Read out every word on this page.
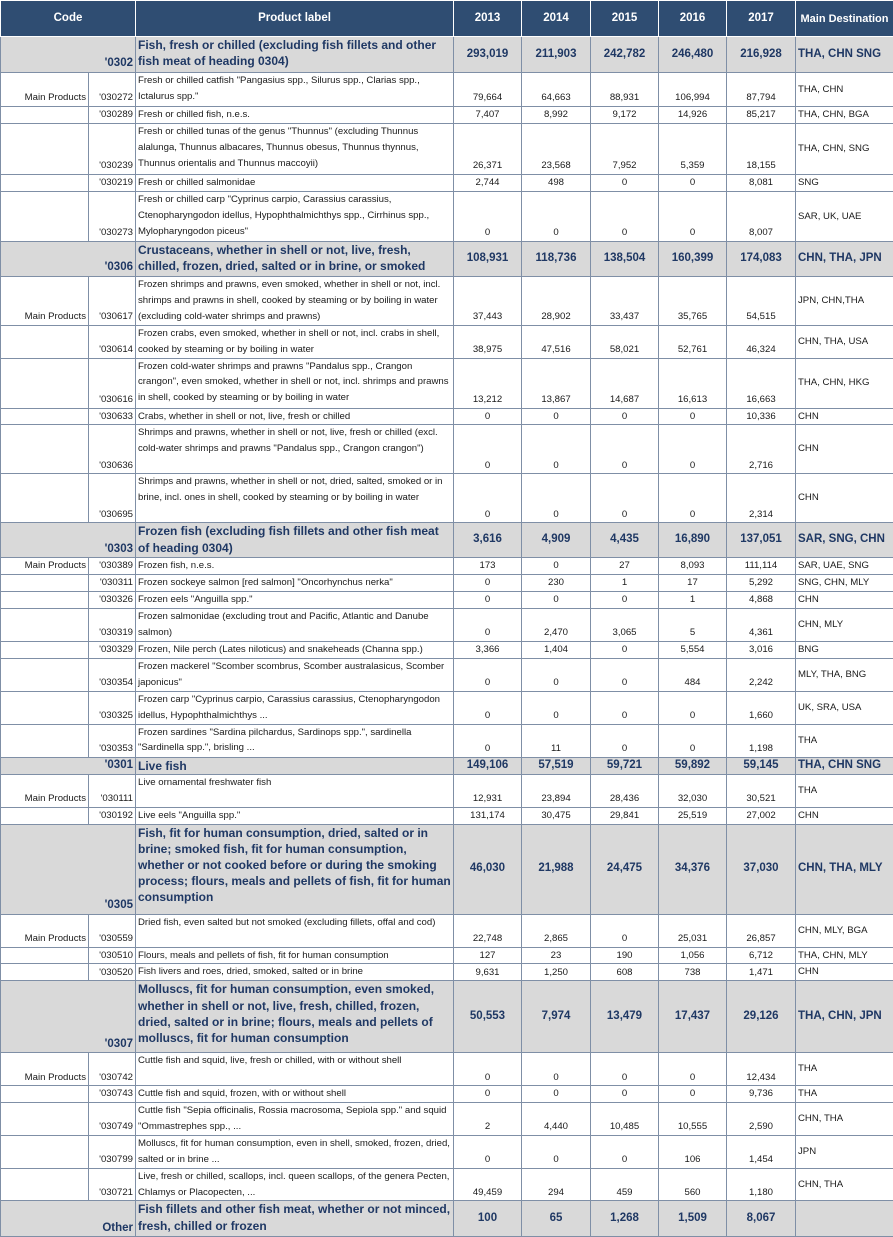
Code		Product label	2013	2014	2015	2016	2017	Main Destination
'0302		Fish, fresh or chilled (excluding fish fillets and other fish meat of heading 0304)	293,019	211,903	242,782	246,480	216,928	THA, CHN SNG
Main Products	'030272	Fresh or chilled catfish "Pangasius spp., Silurus spp., Clarias spp., Ictalurus spp."	79,664	64,663	88,931	106,994	87,794	THA, CHN
	'030289	Fresh or chilled fish, n.e.s.	7,407	8,992	9,172	14,926	85,217	THA, CHN, BGA
	'030239	Fresh or chilled tunas of the genus "Thunnus" (excluding Thunnus alalunga, Thunnus albacares, Thunnus obesus, Thunnus thynnus, Thunnus orientalis and Thunnus maccoyii)	26,371	23,568	7,952	5,359	18,155	THA, CHN, SNG
	'030219	Fresh or chilled salmonidae	2,744	498	0	0	8,081	SNG
	'030273	Fresh or chilled carp "Cyprinus carpio, Carassius carassius, Ctenopharyngodon idellus, Hypophthalmichthys spp., Cirrhinus spp., Mylopharyngodon piceus"	0	0	0	0	8,007	SAR, UK, UAE
'0306		Crustaceans, whether in shell or not, live, fresh, chilled, frozen, dried, salted or in brine, or smoked	108,931	118,736	138,504	160,399	174,083	CHN, THA, JPN
Main Products	'030617	Frozen shrimps and prawns, even smoked, whether in shell or not, incl. shrimps and prawns in shell, cooked by steaming or by boiling in water (excluding cold-water shrimps and prawns)	37,443	28,902	33,437	35,765	54,515	JPN, CHN,THA
	'030614	Frozen crabs, even smoked, whether in shell or not, incl. crabs in shell, cooked by steaming or by boiling in water	38,975	47,516	58,021	52,761	46,324	CHN, THA, USA
	'030616	Frozen cold-water shrimps and prawns "Pandalus spp., Crangon crangon", even smoked, whether in shell or not, incl. shrimps and prawns in shell, cooked by steaming or by boiling in water	13,212	13,867	14,687	16,613	16,663	THA, CHN, HKG
	'030633	Crabs, whether in shell or not, live, fresh or chilled	0	0	0	0	10,336	CHN
	'030636	Shrimps and prawns, whether in shell or not, live, fresh or chilled (excl. cold-water shrimps and prawns "Pandalus spp., Crangon crangon")	0	0	0	0	2,716	CHN
	'030695	Shrimps and prawns, whether in shell or not, dried, salted, smoked or in brine, incl. ones in shell, cooked by steaming or by boiling in water	0	0	0	0	2,314	CHN
'0303		Frozen fish (excluding fish fillets and other fish meat of heading 0304)	3,616	4,909	4,435	16,890	137,051	SAR, SNG, CHN
Main Products	'030389	Frozen fish, n.e.s.	173	0	27	8,093	111,114	SAR, UAE, SNG
	'030311	Frozen sockeye salmon [red salmon] "Oncorhynchus nerka"	0	230	1	17	5,292	SNG, CHN, MLY
	'030326	Frozen eels "Anguilla spp."	0	0	0	1	4,868	CHN
	'030319	Frozen salmonidae (excluding trout and Pacific, Atlantic and Danube salmon)	0	2,470	3,065	5	4,361	CHN, MLY
	'030329	Frozen, Nile perch (Lates niloticus) and snakeheads (Channa spp.)	3,366	1,404	0	5,554	3,016	BNG
	'030354	Frozen mackerel "Scomber scombrus, Scomber australasicus, Scomber japonicus"	0	0	0	484	2,242	MLY, THA, BNG
	'030325	Frozen carp "Cyprinus carpio, Carassius carassius, Ctenopharyngodon idellus, Hypophthalmichthys ...	0	0	0	0	1,660	UK, SRA, USA
	'030353	Frozen sardines "Sardina pilchardus, Sardinops spp.", sardinella "Sardinella spp.", brisling ...	0	11	0	0	1,198	THA
'0301		Live fish	149,106	57,519	59,721	59,892	59,145	THA, CHN SNG
Main Products	'030111	Live ornamental freshwater fish	12,931	23,894	28,436	32,030	30,521	THA
	'030192	Live eels "Anguilla spp."	131,174	30,475	29,841	25,519	27,002	CHN
'0305		Fish, fit for human consumption, dried, salted or in brine; smoked fish, fit for human consumption, whether or not cooked before or during the smoking process; flours, meals and pellets of fish, fit for human consumption	46,030	21,988	24,475	34,376	37,030	CHN, THA, MLY
Main Products	'030559	Dried fish, even salted but not smoked (excluding fillets, offal and cod)	22,748	2,865	0	25,031	26,857	CHN, MLY, BGA
	'030510	Flours, meals and pellets of fish, fit for human consumption	127	23	190	1,056	6,712	THA, CHN, MLY
	'030520	Fish livers and roes, dried, smoked, salted or in brine	9,631	1,250	608	738	1,471	CHN
'0307		Molluscs, fit for human consumption, even smoked, whether in shell or not, live, fresh, chilled, frozen, dried, salted or in brine; flours, meals and pellets of molluscs, fit for human consumption	50,553	7,974	13,479	17,437	29,126	THA, CHN, JPN
Main Products	'030742	Cuttle fish and squid, live, fresh or chilled, with or without shell	0	0	0	0	12,434	THA
	'030743	Cuttle fish and squid, frozen, with or without shell	0	0	0	0	9,736	THA
	'030749	Cuttle fish "Sepia officinalis, Rossia macrosoma, Sepiola spp." and squid "Ommastrephes spp., ...	2	4,440	10,485	10,555	2,590	CHN, THA
	'030799	Molluscs, fit for human consumption, even in shell, smoked, frozen, dried, salted or in brine ...	0	0	0	106	1,454	JPN
	'030721	Live, fresh or chilled, scallops, incl. queen scallops, of the genera Pecten, Chlamys or Placopecten, ...	49,459	294	459	560	1,180	CHN, THA
Other		Fish fillets and other fish meat, whether or not minced, fresh, chilled or frozen	100	65	1,268	1,509	8,067	
